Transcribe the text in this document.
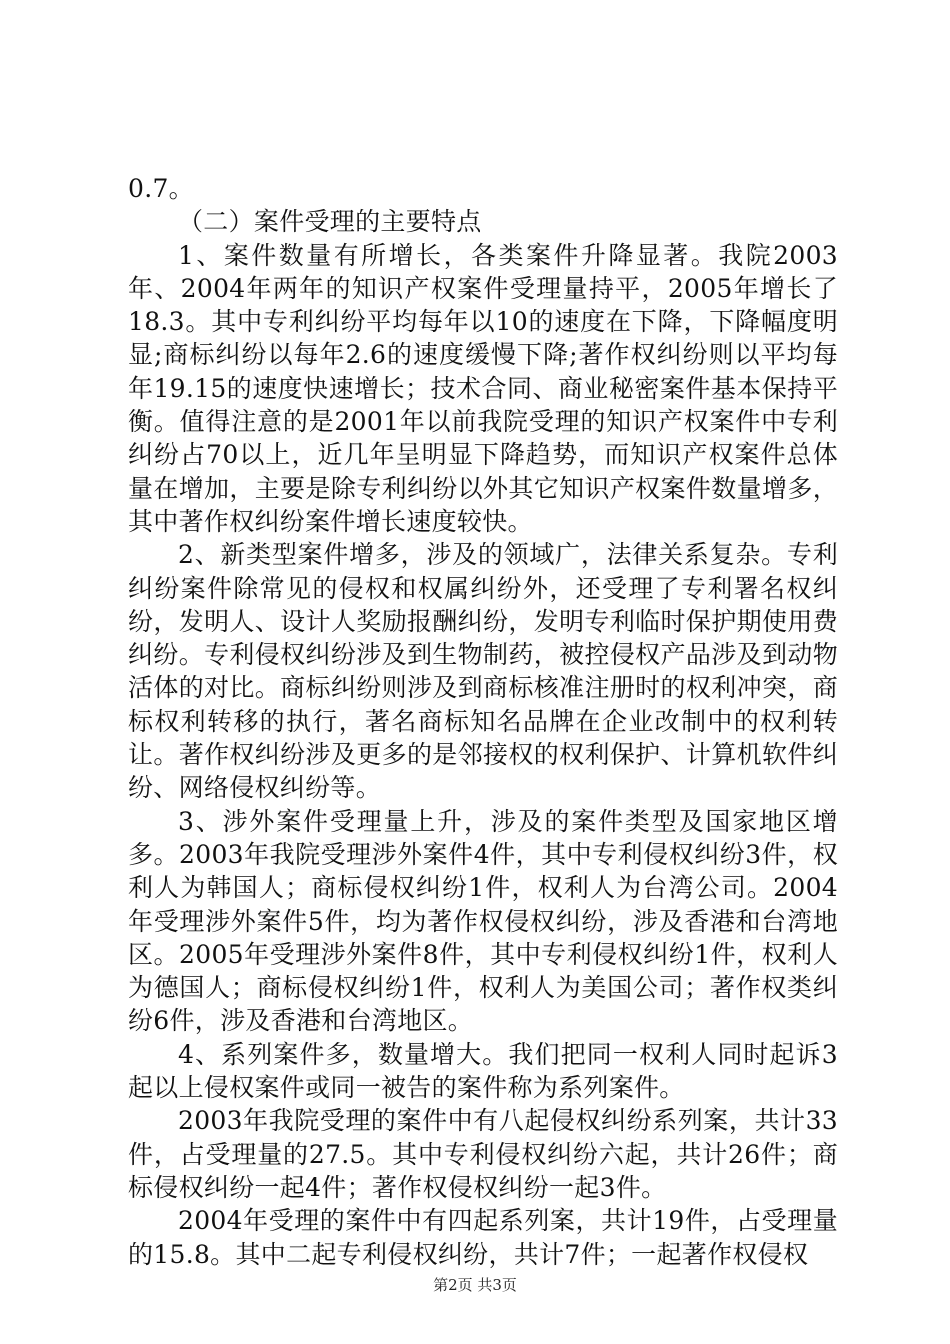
0.7。

（二）案件受理的主要特点

1、案件数量有所增长，各类案件升降显著。我院2003年、2004年两年的知识产权案件受理量持平，2005年增长了18.3。其中专利纠纷平均每年以10的速度在下降，下降幅度明显;商标纠纷以每年2.6的速度缓慢下降;著作权纠纷则以平均每年19.15的速度快速增长；技术合同、商业秘密案件基本保持平衡。值得注意的是2001年以前我院受理的知识产权案件中专利纠纷占70以上，近几年呈明显下降趋势，而知识产权案件总体量在增加，主要是除专利纠纷以外其它知识产权案件数量增多，其中著作权纠纷案件增长速度较快。

2、新类型案件增多，涉及的领域广，法律关系复杂。专利纠纷案件除常见的侵权和权属纠纷外，还受理了专利署名权纠纷，发明人、设计人奖励报酬纠纷，发明专利临时保护期使用费纠纷。专利侵权纠纷涉及到生物制药，被控侵权产品涉及到动物活体的对比。商标纠纷则涉及到商标核准注册时的权利冲突，商标权利转移的执行，著名商标知名品牌在企业改制中的权利转让。著作权纠纷涉及更多的是邻接权的权利保护、计算机软件纠纷、网络侵权纠纷等。

3、涉外案件受理量上升，涉及的案件类型及国家地区增多。2003年我院受理涉外案件4件，其中专利侵权纠纷3件，权利人为韩国人；商标侵权纠纷1件，权利人为台湾公司。2004年受理涉外案件5件，均为著作权侵权纠纷，涉及香港和台湾地区。2005年受理涉外案件8件，其中专利侵权纠纷1件，权利人为德国人；商标侵权纠纷1件，权利人为美国公司；著作权类纠纷6件，涉及香港和台湾地区。

4、系列案件多，数量增大。我们把同一权利人同时起诉3起以上侵权案件或同一被告的案件称为系列案件。

2003年我院受理的案件中有八起侵权纠纷系列案，共计33件，占受理量的27.5。其中专利侵权纠纷六起，共计26件；商标侵权纠纷一起4件；著作权侵权纠纷一起3件。

2004年受理的案件中有四起系列案，共计19件，占受理量的15.8。其中二起专利侵权纠纷，共计7件；一起著作权侵权

第2页 共3页
